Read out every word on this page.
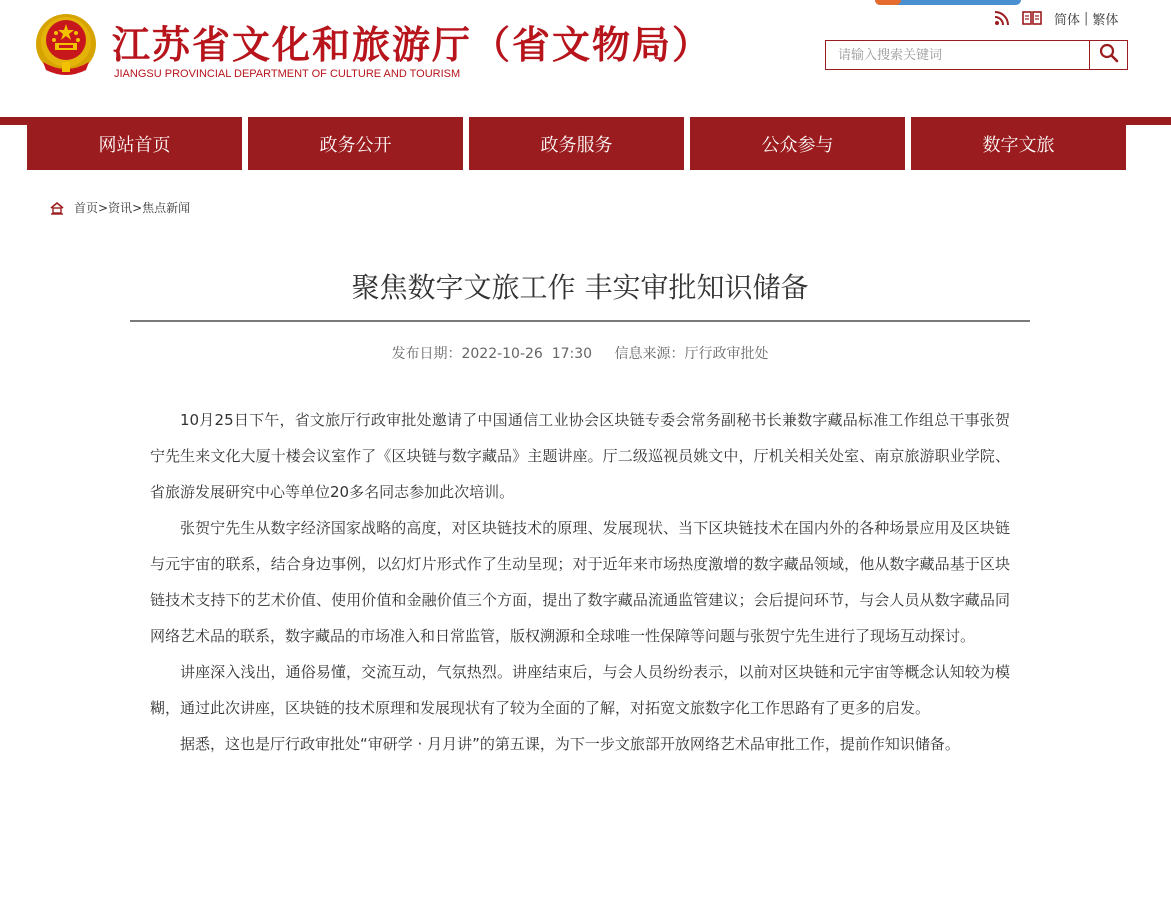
江苏省文化和旅游厅（省文物局）
JIANGSU PROVINCIAL DEPARTMENT OF CULTURE AND TOURISM
简体 | 繁体
请输入搜索关键词
网站首页	政务公开	政务服务	公众参与	数字文旅
首页 > 资讯 > 焦点新闻
聚焦数字文旅工作 丰实审批知识储备
发布日期：2022-10-26  17:30 信息来源：厅行政审批处

10月25日下午，省文旅厅行政审批处邀请了中国通信工业协会区块链专委会常务副秘书长兼数字藏品标准工作组总干事张贺宁先生来文化大厦十楼会议室作了《区块链与数字藏品》主题讲座。厅二级巡视员姚文中，厅机关相关处室、南京旅游职业学院、省旅游发展研究中心等单位20多名同志参加此次培训。

张贺宁先生从数字经济国家战略的高度，对区块链技术的原理、发展现状、当下区块链技术在国内外的各种场景应用及区块链与元宇宙的联系，结合身边事例，以幻灯片形式作了生动呈现；对于近年来市场热度激增的数字藏品领域，他从数字藏品基于区块链技术支持下的艺术价值、使用价值和金融价值三个方面，提出了数字藏品流通监管建议；会后提问环节，与会人员从数字藏品同网络艺术品的联系，数字藏品的市场准入和日常监管，版权溯源和全球唯一性保障等问题与张贺宁先生进行了现场互动探讨。

讲座深入浅出，通俗易懂，交流互动，气氛热烈。讲座结束后，与会人员纷纷表示，以前对区块链和元宇宙等概念认知较为模糊，通过此次讲座，区块链的技术原理和发展现状有了较为全面的了解，对拓宽文旅数字化工作思路有了更多的启发。

据悉，这也是厅行政审批处“审研学 · 月月讲”的第五课，为下一步文旅部开放网络艺术品审批工作，提前作知识储备。
